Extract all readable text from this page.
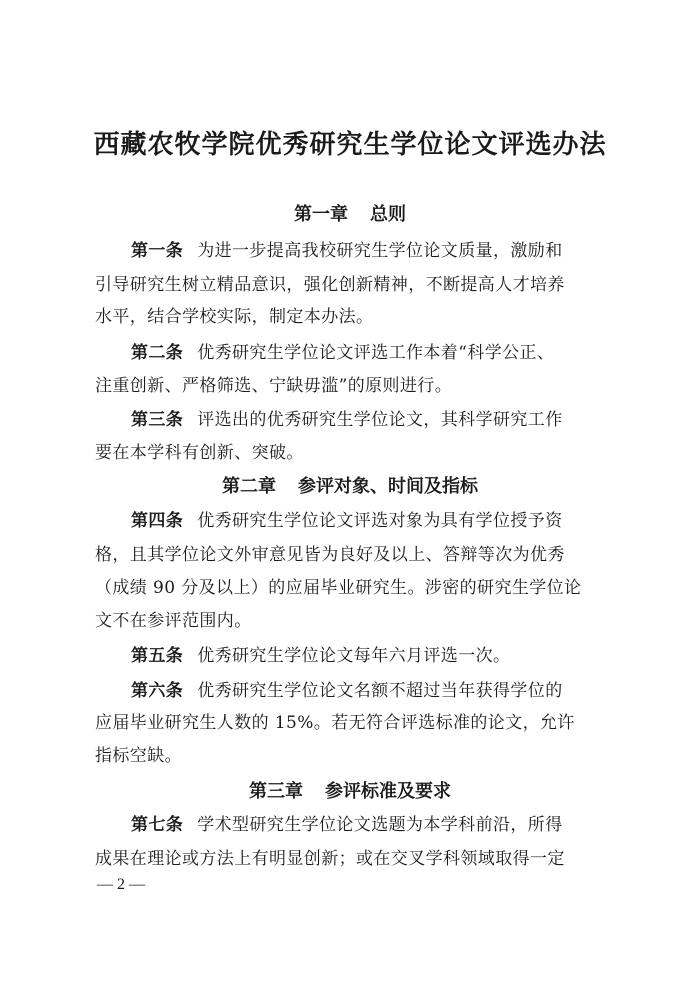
西藏农牧学院优秀研究生学位论文评选办法
第一章 总则
第一条 为进一步提高我校研究生学位论文质量，激励和
引导研究生树立精品意识，强化创新精神，不断提高人才培养
水平，结合学校实际，制定本办法。
第二条 优秀研究生学位论文评选工作本着“科学公正、
注重创新、严格筛选、宁缺毋滥”的原则进行。
第三条 评选出的优秀研究生学位论文，其科学研究工作
要在本学科有创新、突破。
第二章 参评对象、时间及指标
第四条 优秀研究生学位论文评选对象为具有学位授予资
格，且其学位论文外审意见皆为良好及以上、答辩等次为优秀
（成绩 90 分及以上）的应届毕业研究生。涉密的研究生学位论
文不在参评范围内。
第五条 优秀研究生学位论文每年六月评选一次。
第六条 优秀研究生学位论文名额不超过当年获得学位的
应届毕业研究生人数的 15%。若无符合评选标准的论文，允许
指标空缺。
第三章 参评标准及要求
第七条 学术型研究生学位论文选题为本学科前沿，所得
成果在理论或方法上有明显创新；或在交叉学科领域取得一定
— 2 —
